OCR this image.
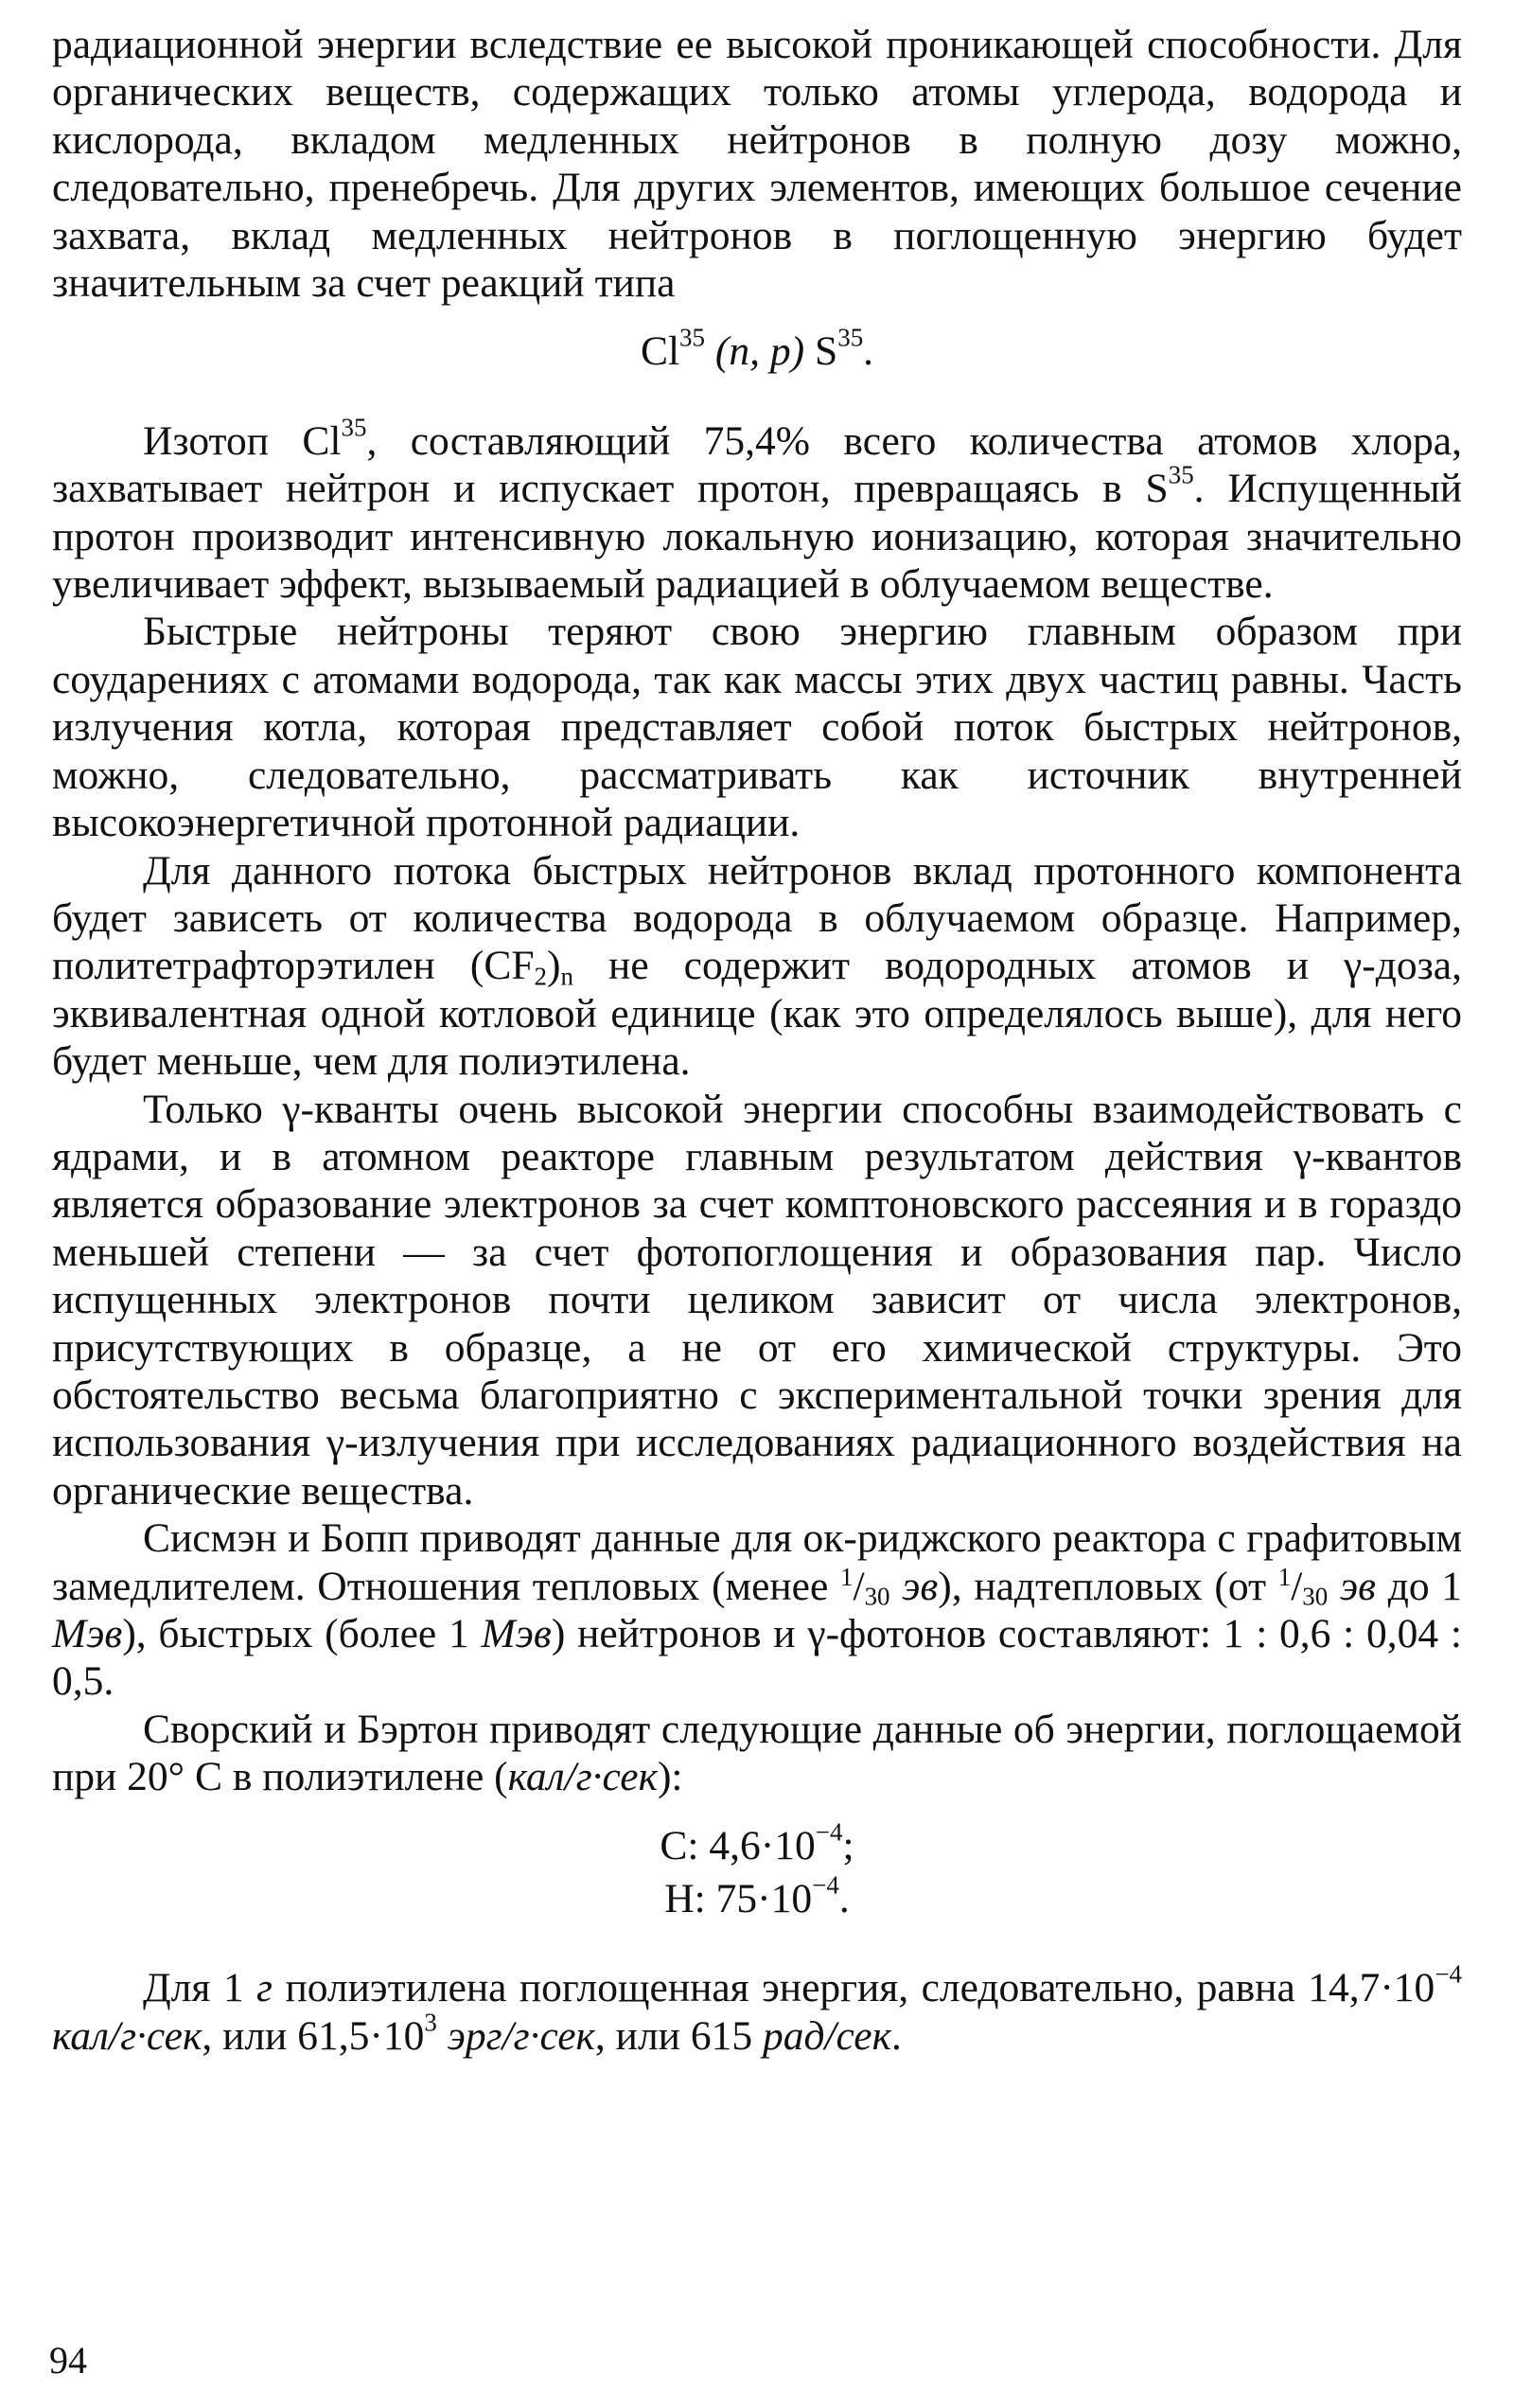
радиационной энергии вследствие ее высокой проникающей способности. Для органических веществ, содержащих только атомы углерода, водорода и кислорода, вкладом медленных нейтронов в полную дозу можно, следовательно, пренебречь. Для других элементов, имеющих большое сечение захвата, вклад медленных нейтронов в поглощенную энергию будет значительным за счет реакций типа

Cl$^{35}$ (n, p) $S^{35}$.

Изотоп Cl$^{35}$, составляющий 75,4% всего количества атомов хлора, захватывает нейтрон и испускает протон, превращаясь в $S^{35}$. Испущенный протон производит интенсивную локальную ионизацию, которая значительно увеличивает эффект, вызываемый радиацией в облучаемом веществе.

Быстрые нейтроны теряют свою энергию главным образом при соударениях с атомами водорода, так как массы этих двух частиц равны. Часть излучения котла, которая представляет собой поток быстрых нейтронов, можно, следовательно, рассматривать как источник внутренней высокоэнергетичной протонной радиации.

Для данного потока быстрых нейтронов вклад протонного компонента будет зависеть от количества водорода в облучаемом образце. Например, политетрафторэтилен $(CF_2)_n$ не содержит водородных атомов и γ-доза, эквивалентная одной котловой единице (как это определялось выше), для него будет меньше, чем для полиэтилена.

Только γ-кванты очень высокой энергии способны взаимодействовать с ядрами, и в атомном реакторе главным результатом действия γ-квантов является образование электронов за счет комптоновского рассеяния и в гораздо меньшей степени — за счет фотопоглощения и образования пар. Число испущенных электронов почти целиком зависит от числа электронов, присутствующих в образце, а не от его химической структуры. Это обстоятельство весьма благоприятно с экспериментальной точки зрения для использования γ-излучения при исследованиях радиационного воздействия на органические вещества.

Сисмэн и Бопп приводят данные для ок-риджского реактора с графитовым замедлителем. Отношения тепловых (менее $^1/_{30}$ эв), надтепловых (от $^1/_{30}$ эв до 1 Мэв), быстрых (более 1 Мэв) нейтронов и γ-фотонов составляют: 1 : 0,6 : 0,04 : 0,5.

Сворский и Бэртон приводят следующие данные об энергии, поглощаемой при 20° С в полиэтилене (кал/г·сек):

С: $4,6\cdot 10^{-4}$;

Н: $75\cdot 10^{-4}$.

Для 1 г полиэтилена поглощенная энергия, следовательно, равна $14,7\cdot 10^{-4}$ кал/г·сек, или $61,5\cdot 10^3$ эрг/г·сек, или 615 рад/сек.

94
